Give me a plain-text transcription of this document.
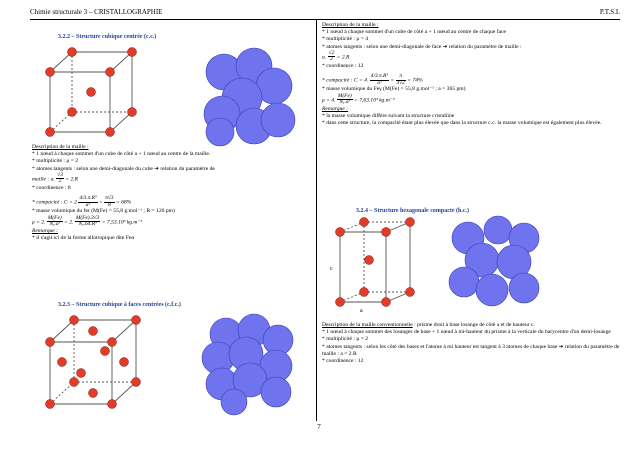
Chimie structurale 3 – CRISTALLOGRAPHIE	P.T.S.I.
3.2.2 – Structure cubique centrée (c.c.)

Description de la maille :

* 1 nœud à chaque sommet d'un cube de côté a + 1 nœud au centre de la maille.

* multiplicité : μ = 2

* atomes tangents : selon une demi-diagonale du cube ➔ relation du paramètre de

maille : a. $\frac{√3}{2} = 2.R$

* coordinence : 8

* compacité : $C = 2 \frac{\text{4/3.π.R³}}{\text{a³}} = \frac{\pi√3}{8} = 68\%$

* masse volumique du fer (M(Fe) = 55,8 g.mol⁻¹ ; R = 126 pm)

ρ = 2. $\frac{M(Fe)}{\text{Nₐ.a³}} = 2$. $\frac{M(Fe).3√3}{\text{Nₐ.64.R³}} = 7,53.10^3$ kg.m⁻³

Remarque :

* il s'agit ici de la forme allotropique dite Feα

3.2.3 – Structure cubique à faces centrées (c.f.c.)

Description de la maille :

* 1 nœud à chaque sommet d'un cube de côté a + 1 nœud au centre de chaque face

* multiplicité : μ = 4

* atomes tangents : selon une demi-diagonale de face ➔ relation du paramètre de maille :

a. $\frac{√2}{2} = 2.R$

* coordinence : 12

* compacité : C = 4. $\frac{\text{4/3.π.R³}}{\text{a³}} = \frac{\pi}{3√2} = 74\%$

* masse volumique du Feγ (M(Fe) = 55,8 g.mol⁻¹ ; a = 365 pm)

ρ = 4. $\frac{M(Fe)}{\text{Nₐ.a³}} = 7,63.10^3$ kg.m⁻³

Remarque :

* la masse volumique diffère suivant la structure cristalline

* dans cette structure, la compacité étant plus élevée que dans la structure c.c. la masse volumique est également plus élevée.

3.2.4 – Structure hexagonale compacte (h.c.)
c
a

Description de la maille conventionnelle : prisme droit à base losange de côté a et de hauteur c.

* 1 nœud à chaque sommet des losanges de base + 1 nœud à mi-hauteur du prisme à la verticale du barycentre d'un demi-losange

* multiplicité : μ = 2

* atomes tangents : selon les côté des bases et l'atome à mi hauteur est tangent à 3 atomes de chaque base ➔ relation du paramètre de maille : a = 2.R

* coordinence : 12

7
